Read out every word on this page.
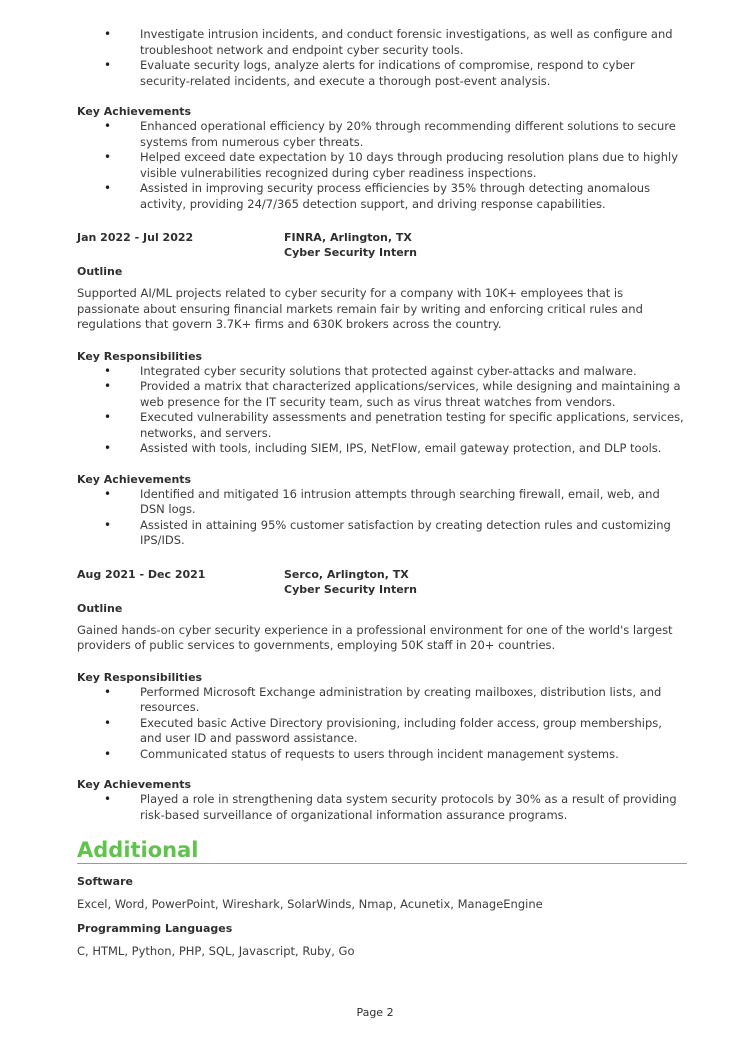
• Investigate intrusion incidents, and conduct forensic investigations, as well as configure and troubleshoot network and endpoint cyber security tools.
• Evaluate security logs, analyze alerts for indications of compromise, respond to cyber security-related incidents, and execute a thorough post-event analysis.

Key Achievements

• Enhanced operational efficiency by 20% through recommending different solutions to secure systems from numerous cyber threats.
• Helped exceed date expectation by 10 days through producing resolution plans due to highly visible vulnerabilities recognized during cyber readiness inspections.
• Assisted in improving security process efficiencies by 35% through detecting anomalous activity, providing 24/7/365 detection support, and driving response capabilities.
Jan 2022 - Jul 2022	FINRA, Arlington, TX
Cyber Security Intern

Outline

Supported AI/ML projects related to cyber security for a company with 10K+ employees that is passionate about ensuring financial markets remain fair by writing and enforcing critical rules and regulations that govern 3.7K+ firms and 630K brokers across the country.

Key Responsibilities

• Integrated cyber security solutions that protected against cyber-attacks and malware.
• Provided a matrix that characterized applications/services, while designing and maintaining a web presence for the IT security team, such as virus threat watches from vendors.
• Executed vulnerability assessments and penetration testing for specific applications, services, networks, and servers.
• Assisted with tools, including SIEM, IPS, NetFlow, email gateway protection, and DLP tools.

Key Achievements

• Identified and mitigated 16 intrusion attempts through searching firewall, email, web, and DSN logs.
• Assisted in attaining 95% customer satisfaction by creating detection rules and customizing IPS/IDS.
Aug 2021 - Dec 2021	Serco, Arlington, TX
Cyber Security Intern

Outline

Gained hands-on cyber security experience in a professional environment for one of the world's largest providers of public services to governments, employing 50K staff in 20+ countries.

Key Responsibilities

• Performed Microsoft Exchange administration by creating mailboxes, distribution lists, and resources.
• Executed basic Active Directory provisioning, including folder access, group memberships, and user ID and password assistance.
• Communicated status of requests to users through incident management systems.

Key Achievements

• Played a role in strengthening data system security protocols by 30% as a result of providing risk-based surveillance of organizational information assurance programs.
Additional

Software

Excel, Word, PowerPoint, Wireshark, SolarWinds, Nmap, Acunetix, ManageEngine

Programming Languages

C, HTML, Python, PHP, SQL, Javascript, Ruby, Go

Page 2
